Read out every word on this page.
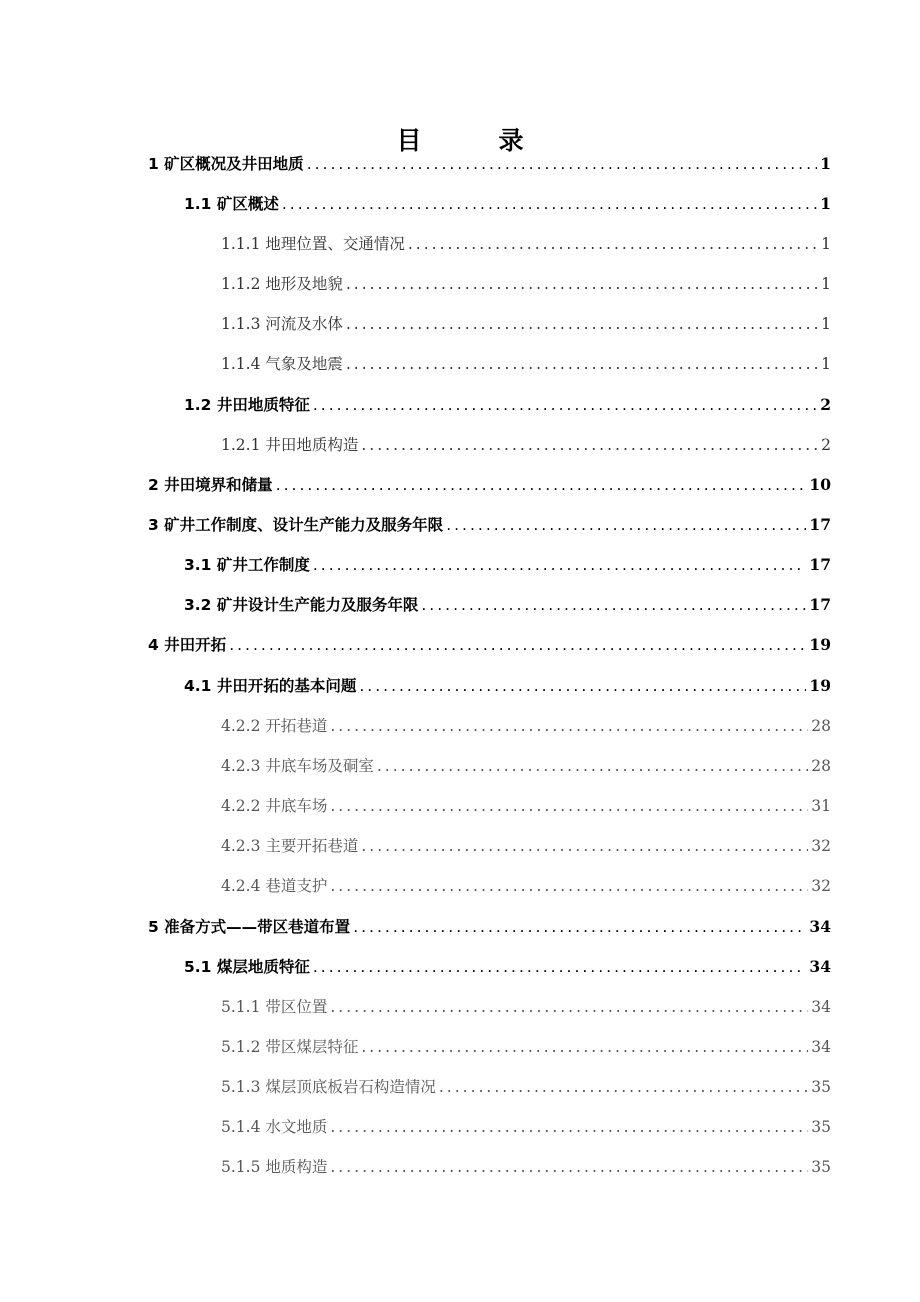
目　录
1 矿区概况及井田地质 .....	1
1.1 矿区概述 .....	1
1.1.1 地理位置、交通情况 .....	1
1.1.2 地形及地貌 .....	1
1.1.3 河流及水体 .....	1
1.1.4 气象及地震 .....	1
1.2 井田地质特征 .....	2
1.2.1 井田地质构造 .....	2
2 井田境界和储量 .....	10
3 矿井工作制度、设计生产能力及服务年限 .....	17
3.1 矿井工作制度 .....	17
3.2 矿井设计生产能力及服务年限 .....	17
4 井田开拓 .....	19
4.1 井田开拓的基本问题 .....	19
4.2.2 开拓巷道 .....	28
4.2.3 井底车场及硐室 .....	28
4.2.2 井底车场 .....	31
4.2.3 主要开拓巷道 .....	32
4.2.4 巷道支护 .....	32
5 准备方式——带区巷道布置 .....	34
5.1 煤层地质特征 .....	34
5.1.1 带区位置 .....	34
5.1.2 带区煤层特征 .....	34
5.1.3 煤层顶底板岩石构造情况 .....	35
5.1.4 水文地质 .....	35
5.1.5 地质构造 .....	35
